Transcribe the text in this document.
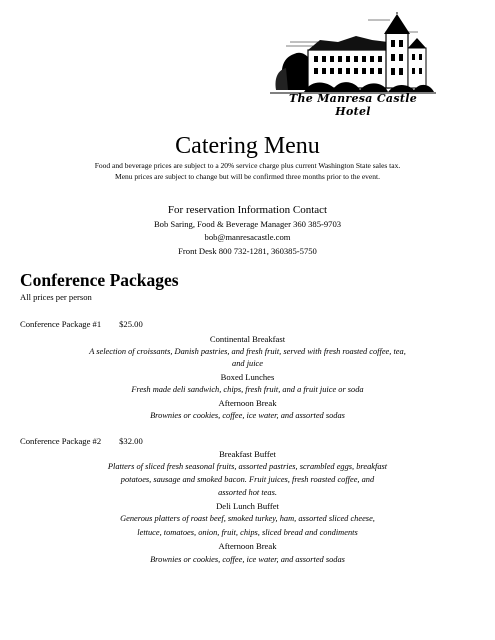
The Manresa Castle Hotel
Catering Menu
Food and beverage prices are subject to a 20% service charge plus current Washington State sales tax.
Menu prices are subject to change but will be confirmed three months prior to the event.
For reservation Information Contact
Bob Saring, Food & Beverage Manager 360 385-9703
bob@manresacastle.com
Front Desk 800 732-1281, 360385-5750
Conference Packages
All prices per person
Conference Package #1 $25.00
Continental Breakfast
A selection of croissants, Danish pastries, and fresh fruit, served with fresh roasted coffee, tea,
and juice
Boxed Lunches
Fresh made deli sandwich, chips, fresh fruit, and a fruit juice or soda
Afternoon Break
Brownies or cookies, coffee, ice water, and assorted sodas
Conference Package #2 $32.00
Breakfast Buffet
Platters of sliced fresh seasonal fruits, assorted pastries, scrambled eggs, breakfast
potatoes, sausage and smoked bacon. Fruit juices, fresh roasted coffee, and
assorted hot teas.
Deli Lunch Buffet
Generous platters of roast beef, smoked turkey, ham, assorted sliced cheese,
lettuce, tomatoes, onion, fruit, chips, sliced bread and condiments
Afternoon Break
Brownies or cookies, coffee, ice water, and assorted sodas
